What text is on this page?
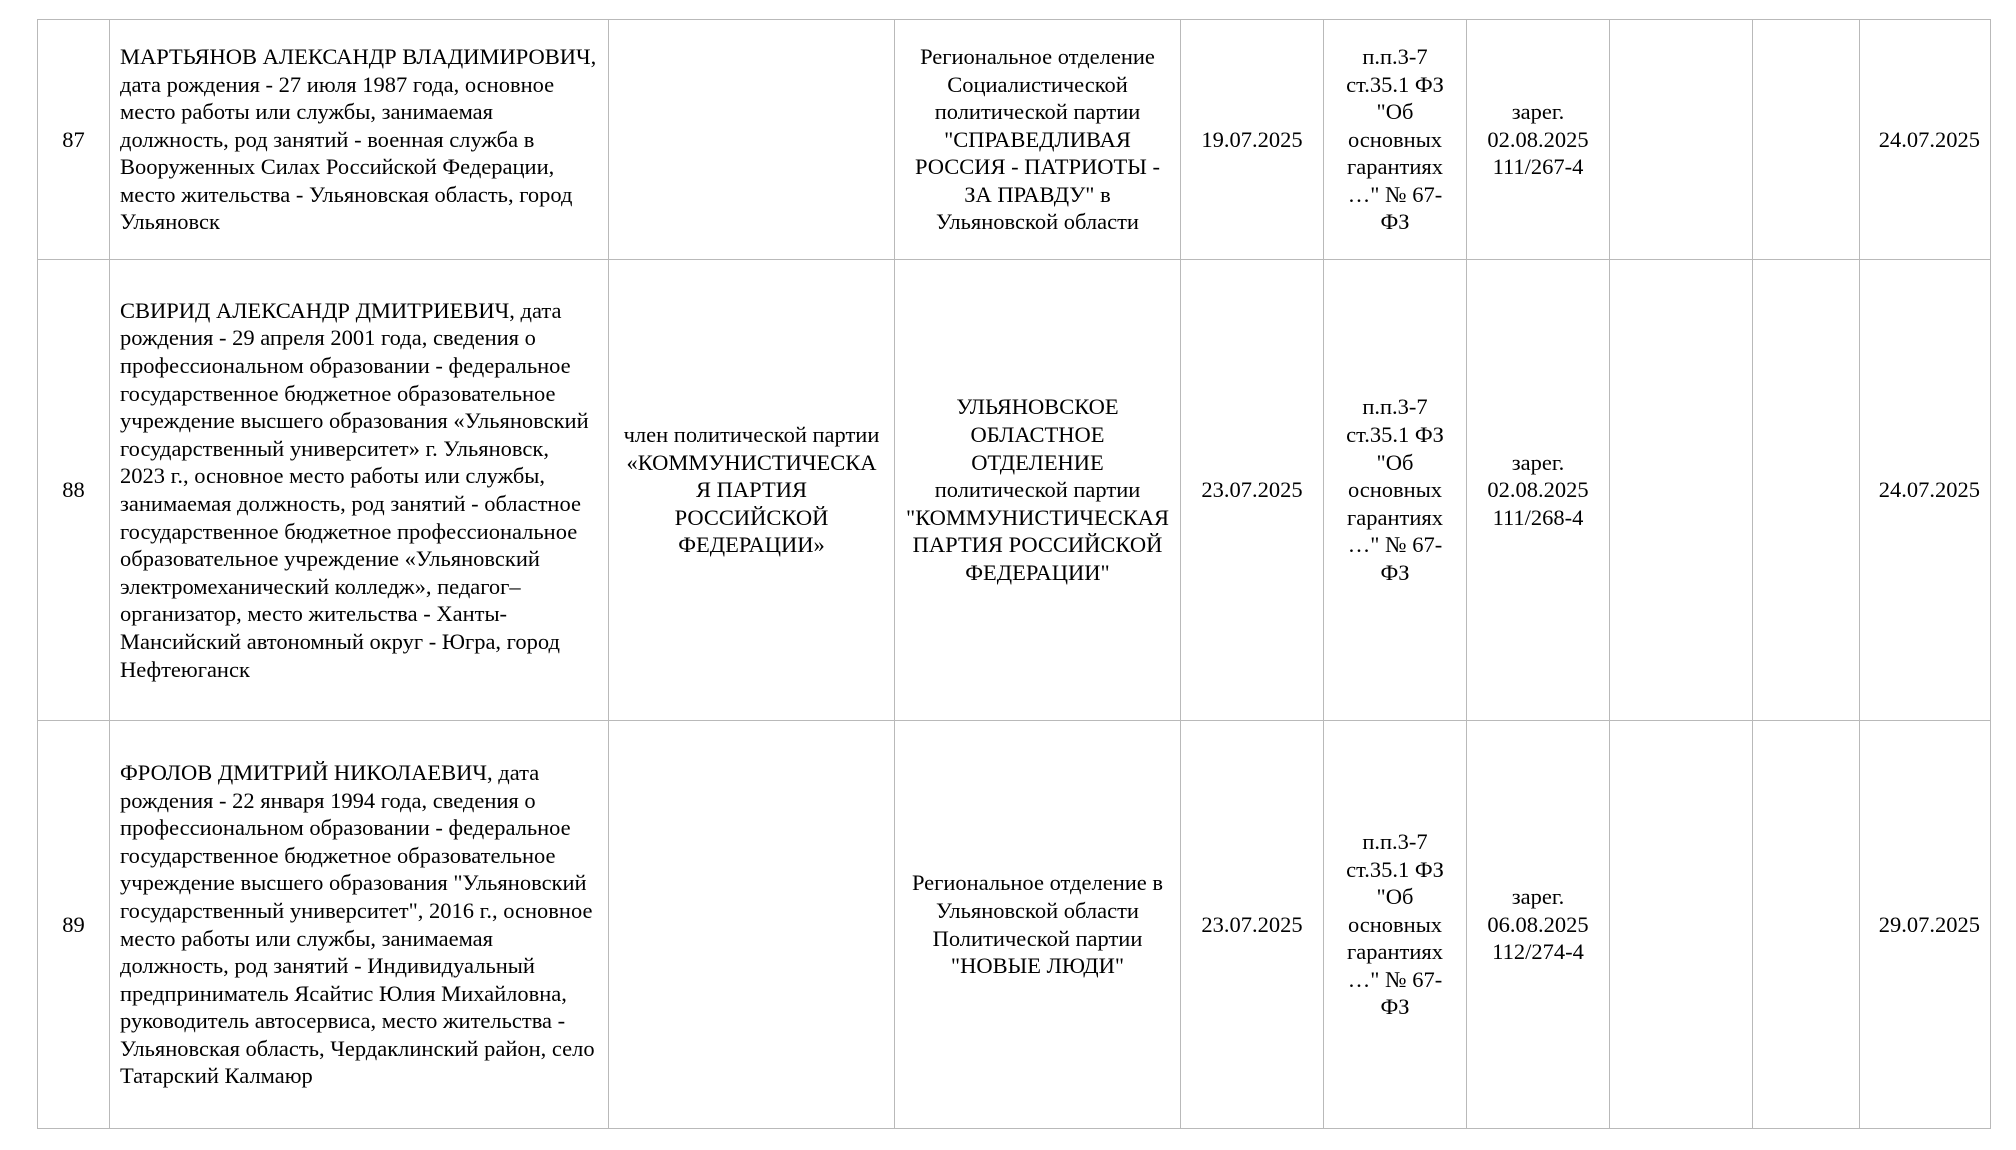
87	МАРТЬЯНОВ АЛЕКСАНДР ВЛАДИМИРОВИЧ, дата рождения - 27 июля 1987 года, основное место работы или службы, занимаемая должность, род занятий - военная служба в Вооруженных Силах Российской Федерации, место жительства - Ульяновская область, город Ульяновск		Региональное отделение Социалистической политической партии "СПРАВЕДЛИВАЯ РОССИЯ - ПАТРИОТЫ - ЗА ПРАВДУ" в Ульяновской области	19.07.2025	п.п.3-7 ст.35.1 ФЗ "Об основных гарантиях …" № 67-ФЗ	зарег. 02.08.2025 111/267-4			24.07.2025
88	СВИРИД АЛЕКСАНДР ДМИТРИЕВИЧ, дата рождения - 29 апреля 2001 года, сведения о профессиональном образовании - федеральное государственное бюджетное образовательное учреждение высшего образования «Ульяновский государственный университет» г. Ульяновск, 2023 г., основное место работы или службы, занимаемая должность, род занятий - областное государственное бюджетное профессиональное образовательное учреждение «Ульяновский электромеханический колледж», педагог–организатор, место жительства - Ханты-Мансийский автономный округ - Югра, город Нефтеюганск	член политической партии «КОММУНИСТИЧЕСКАЯ ПАРТИЯ РОССИЙСКОЙ ФЕДЕРАЦИИ»	УЛЬЯНОВСКОЕ ОБЛАСТНОЕ ОТДЕЛЕНИЕ политической партии "КОММУНИСТИЧЕСКАЯ ПАРТИЯ РОССИЙСКОЙ ФЕДЕРАЦИИ"	23.07.2025	п.п.3-7 ст.35.1 ФЗ "Об основных гарантиях …" № 67-ФЗ	зарег. 02.08.2025 111/268-4			24.07.2025
89	ФРОЛОВ ДМИТРИЙ НИКОЛАЕВИЧ, дата рождения - 22 января 1994 года, сведения о профессиональном образовании - федеральное государственное бюджетное образовательное учреждение высшего образования "Ульяновский государственный университет", 2016 г., основное место работы или службы, занимаемая должность, род занятий - Индивидуальный предприниматель Ясайтис Юлия Михайловна, руководитель автосервиса, место жительства - Ульяновская область, Чердаклинский район, село Татарский Калмаюр		Региональное отделение в Ульяновской области Политической партии "НОВЫЕ ЛЮДИ"	23.07.2025	п.п.3-7 ст.35.1 ФЗ "Об основных гарантиях …" № 67-ФЗ	зарег. 06.08.2025 112/274-4			29.07.2025
